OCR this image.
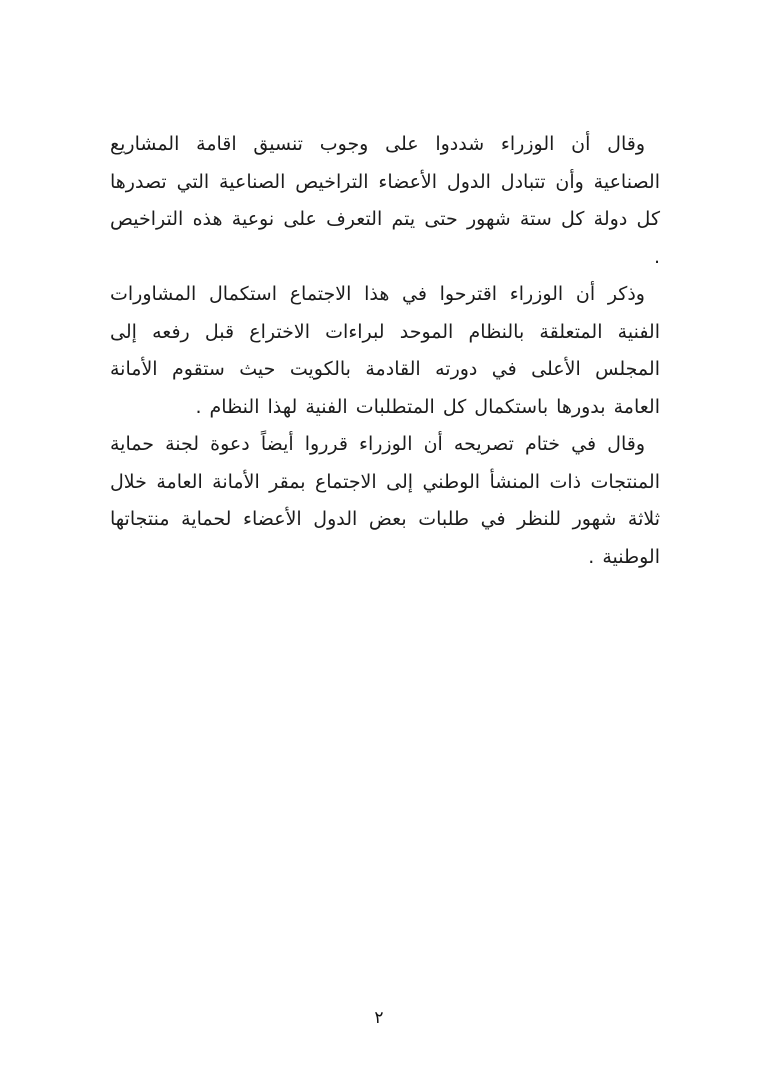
وقال أن الوزراء شددوا على وجوب تنسيق اقامة المشاريع الصناعية وأن تتبادل الدول الأعضاء التراخيص الصناعية التي تصدرها كل دولة كل ستة شهور حتى يتم التعرف على نوعية هذه التراخيص .

وذكر أن الوزراء اقترحوا في هذا الاجتماع استكمال المشاورات الفنية المتعلقة بالنظام الموحد لبراءات الاختراع قبل رفعه إلى المجلس الأعلى في دورته القادمة بالكويت حيث ستقوم الأمانة العامة بدورها باستكمال كل المتطلبات الفنية لهذا النظام .

وقال في ختام تصريحه أن الوزراء قرروا أيضاً دعوة لجنة حماية المنتجات ذات المنشأ الوطني إلى الاجتماع بمقر الأمانة العامة خلال ثلاثة شهور للنظر في طلبات بعض الدول الأعضاء لحماية منتجاتها الوطنية .

٢
